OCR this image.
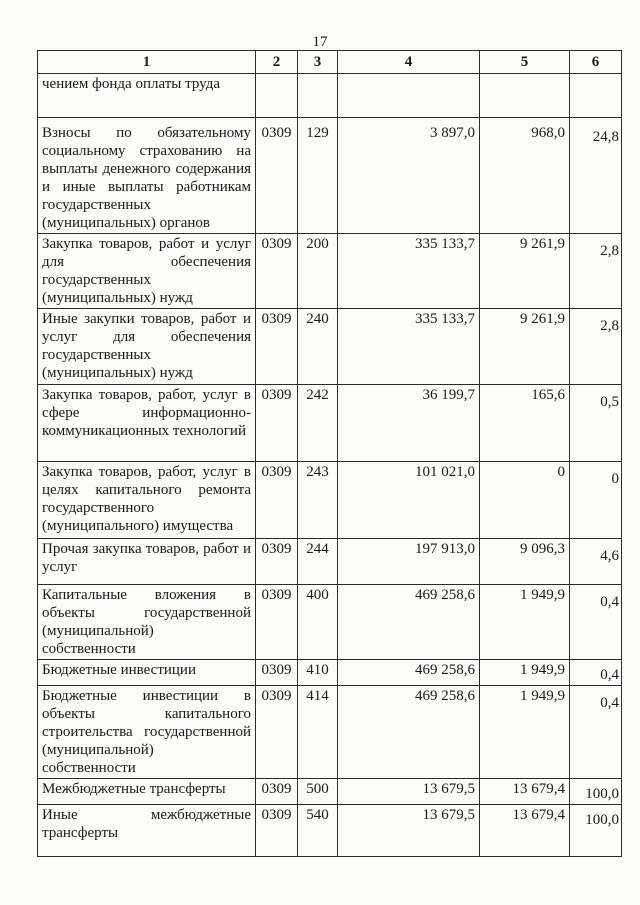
17
1	2	3	4	5	6
чением фонда оплаты труда					
Взносы по обязательному социальному страхованию на выплаты денежного содержания и иные выплаты работникам государственных (муниципальных) органов	0309	129	3 897,0	968,0	24,8
Закупка товаров, работ и услуг для обеспечения государственных (муниципальных) нужд	0309	200	335 133,7	9 261,9	2,8
Иные закупки товаров, работ и услуг для обеспечения государственных (муниципальных) нужд	0309	240	335 133,7	9 261,9	2,8
Закупка товаров, работ, услуг в сфере информационно-коммуникационных технологий	0309	242	36 199,7	165,6	0,5
Закупка товаров, работ, услуг в целях капитального ремонта государственного (муниципального) имущества	0309	243	101 021,0	0	0
Прочая закупка товаров, работ и услуг	0309	244	197 913,0	9 096,3	4,6
Капитальные вложения в объекты государственной (муниципальной) собственности	0309	400	469 258,6	1 949,9	0,4
Бюджетные инвестиции	0309	410	469 258,6	1 949,9	0,4
Бюджетные инвестиции в объекты капитального строительства государственной (муниципальной) собственности	0309	414	469 258,6	1 949,9	0,4
Межбюджетные трансферты	0309	500	13 679,5	13 679,4	100,0
Иные межбюджетные трансферты	0309	540	13 679,5	13 679,4	100,0
